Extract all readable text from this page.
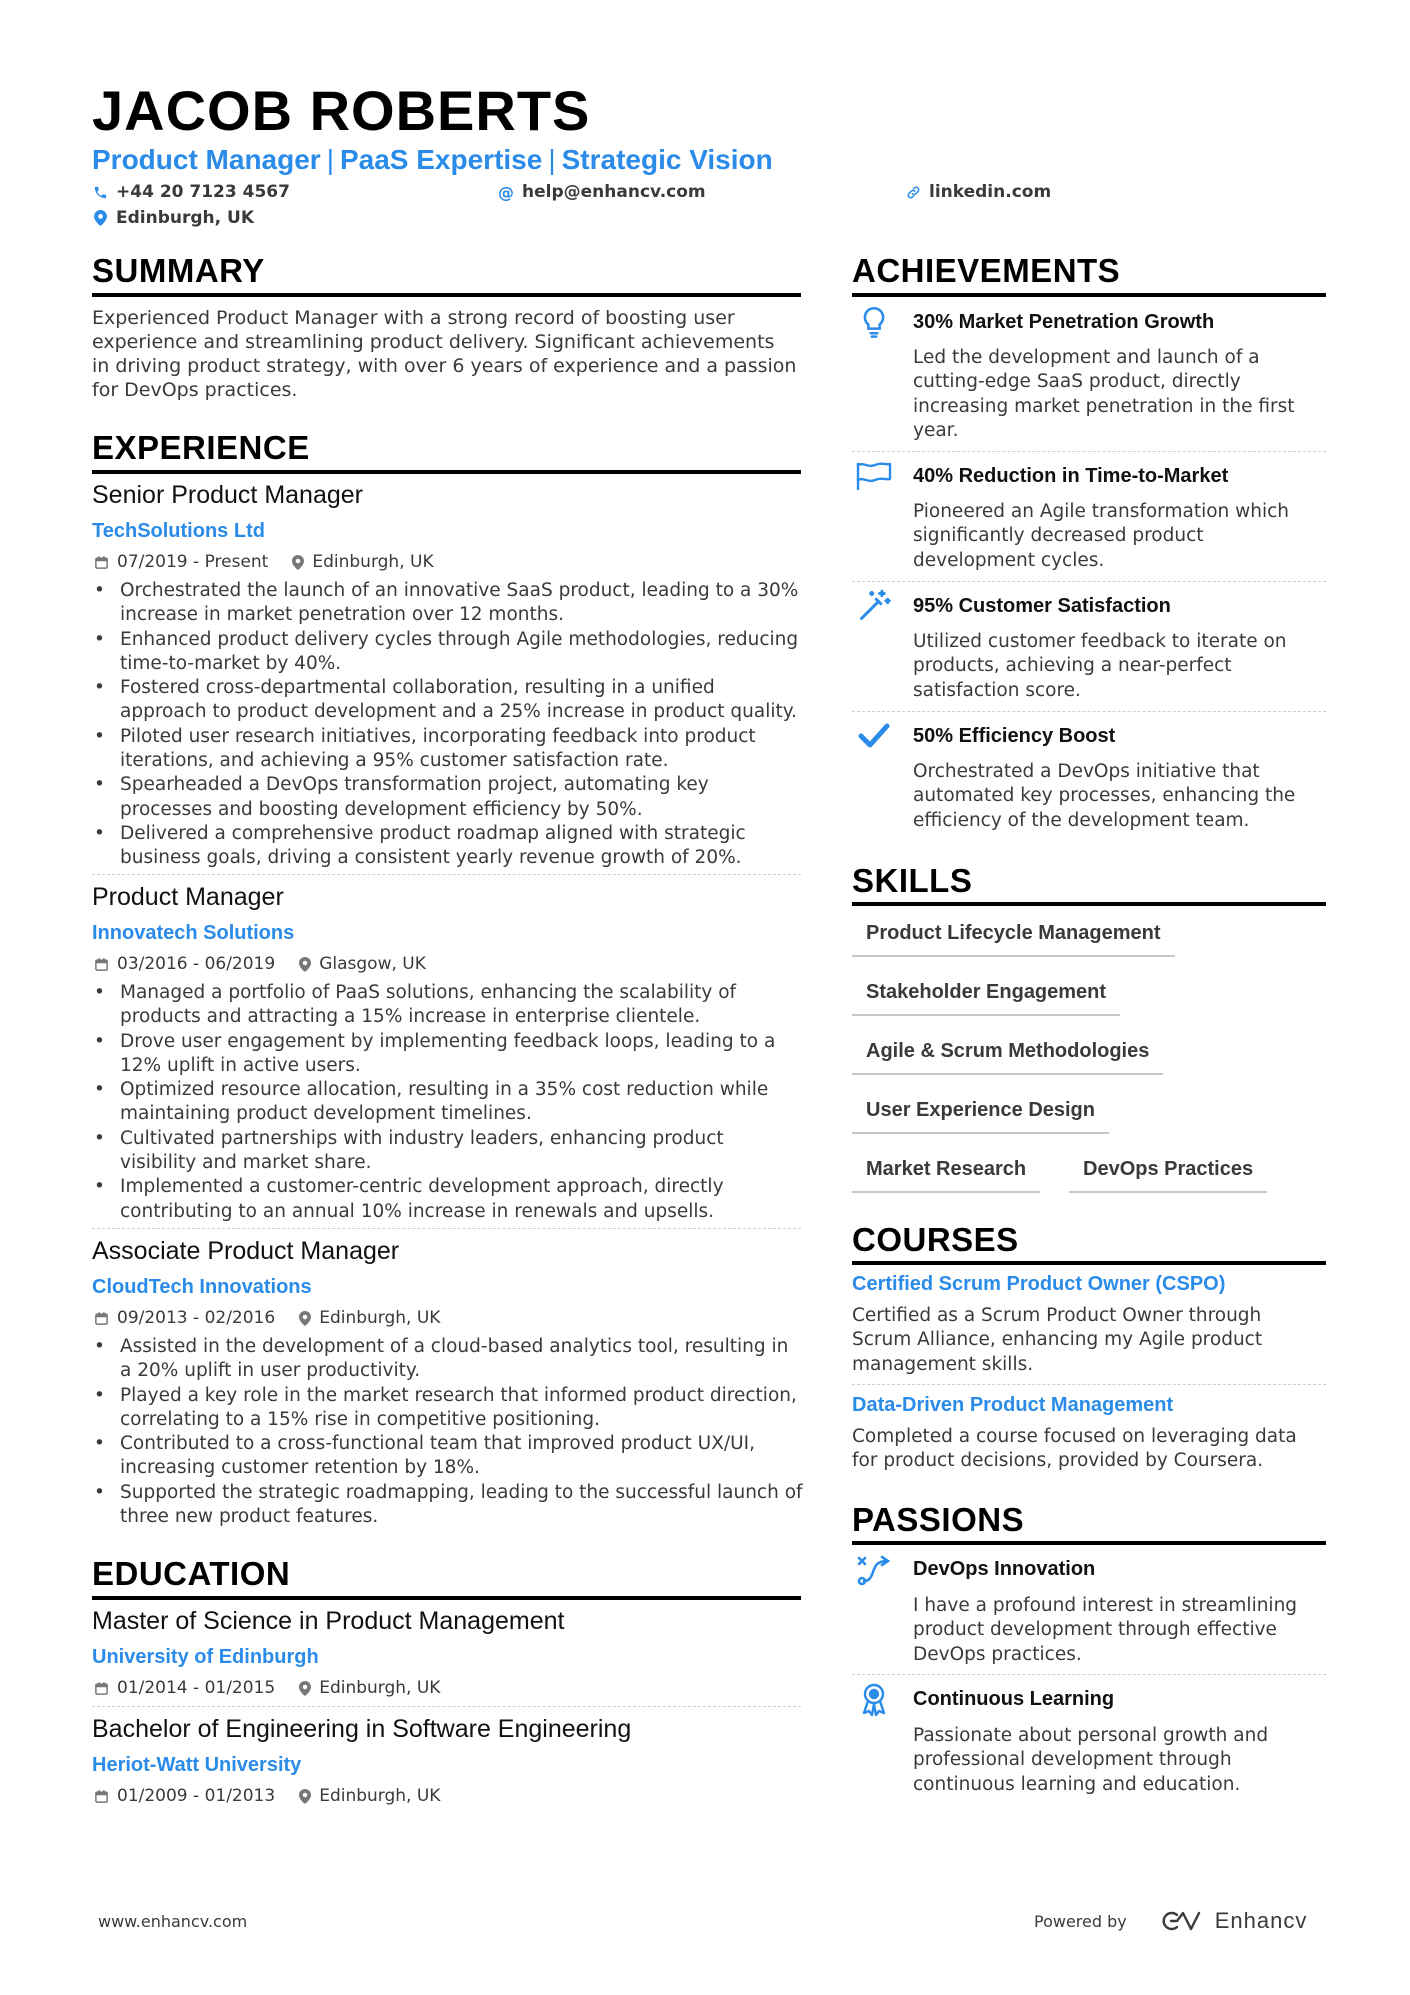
JACOB ROBERTS
Product Manager | PaaS Expertise | Strategic Vision
+44 20 7123 4567	@ help@enhancv.com	linkedin.com
Edinburgh, UK
SUMMARY
Experienced Product Manager with a strong record of boosting user experience and streamlining product delivery. Significant achievements in driving product strategy, with over 6 years of experience and a passion for DevOps practices.
EXPERIENCE
Senior Product Manager
TechSolutions Ltd
07/2019 - Present	Edinburgh, UK
• Orchestrated the launch of an innovative SaaS product, leading to a 30% increase in market penetration over 12 months.
• Enhanced product delivery cycles through Agile methodologies, reducing time-to-market by 40%.
• Fostered cross-departmental collaboration, resulting in a unified approach to product development and a 25% increase in product quality.
• Piloted user research initiatives, incorporating feedback into product iterations, and achieving a 95% customer satisfaction rate.
• Spearheaded a DevOps transformation project, automating key processes and boosting development efficiency by 50%.
• Delivered a comprehensive product roadmap aligned with strategic business goals, driving a consistent yearly revenue growth of 20%.
Product Manager
Innovatech Solutions
03/2016 - 06/2019	Glasgow, UK
• Managed a portfolio of PaaS solutions, enhancing the scalability of products and attracting a 15% increase in enterprise clientele.
• Drove user engagement by implementing feedback loops, leading to a 12% uplift in active users.
• Optimized resource allocation, resulting in a 35% cost reduction while maintaining product development timelines.
• Cultivated partnerships with industry leaders, enhancing product visibility and market share.
• Implemented a customer-centric development approach, directly contributing to an annual 10% increase in renewals and upsells.
Associate Product Manager
CloudTech Innovations
09/2013 - 02/2016	Edinburgh, UK
• Assisted in the development of a cloud-based analytics tool, resulting in a 20% uplift in user productivity.
• Played a key role in the market research that informed product direction, correlating to a 15% rise in competitive positioning.
• Contributed to a cross-functional team that improved product UX/UI, increasing customer retention by 18%.
• Supported the strategic roadmapping, leading to the successful launch of three new product features.
EDUCATION
Master of Science in Product Management
University of Edinburgh
01/2014 - 01/2015	Edinburgh, UK
Bachelor of Engineering in Software Engineering
Heriot-Watt University
01/2009 - 01/2013	Edinburgh, UK
ACHIEVEMENTS
30% Market Penetration Growth
Led the development and launch of a cutting-edge SaaS product, directly increasing market penetration in the first year.
40% Reduction in Time-to-Market
Pioneered an Agile transformation which significantly decreased product development cycles.
95% Customer Satisfaction
Utilized customer feedback to iterate on products, achieving a near-perfect satisfaction score.
50% Efficiency Boost
Orchestrated a DevOps initiative that automated key processes, enhancing the efficiency of the development team.
SKILLS
Product Lifecycle Management
Stakeholder Engagement
Agile & Scrum Methodologies
User Experience Design
Market Research	DevOps Practices
COURSES
Certified Scrum Product Owner (CSPO)
Certified as a Scrum Product Owner through Scrum Alliance, enhancing my Agile product management skills.
Data-Driven Product Management
Completed a course focused on leveraging data for product decisions, provided by Coursera.
PASSIONS
DevOps Innovation
I have a profound interest in streamlining product development through effective DevOps practices.
Continuous Learning
Passionate about personal growth and professional development through continuous learning and education.
www.enhancv.com	Powered by	Enhancv
